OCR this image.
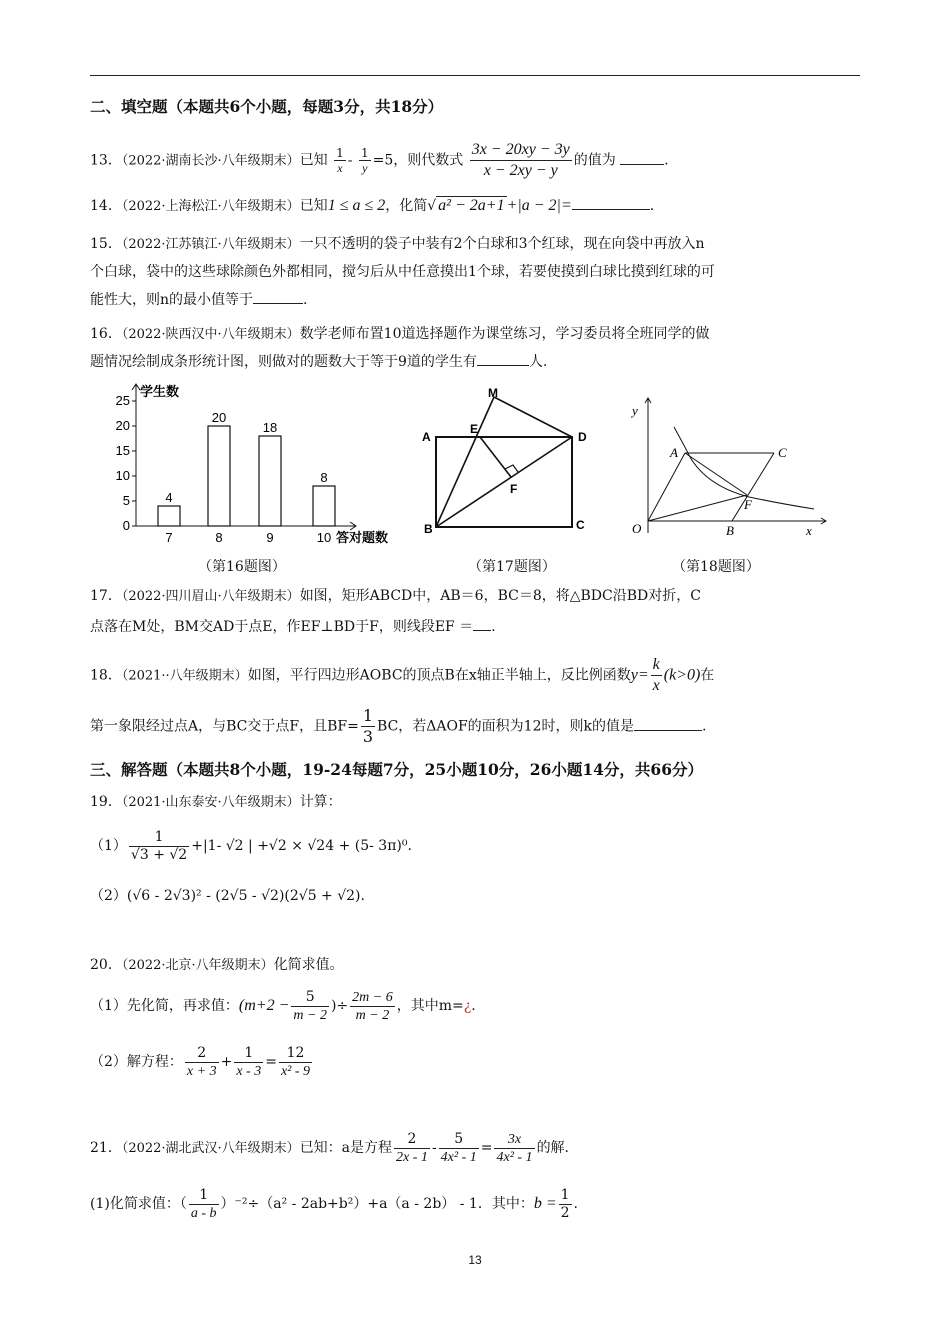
二、填空题（本题共6个小题，每题3分，共18分）
13．（2022·湖南长沙·八年级期末）已知 $\frac{1}{x} - \frac{1}{y} =5$，则代数式 $\frac{3x - 20xy - 3y}{x - 2xy - y}$ 的值为	.
14．（2022·上海松江·八年级期末）已知1 ≤ a ≤ 2，化简√ a² − 2a+1 +|a − 2|=	.
15．（2022·江苏镇江·八年级期末）一只不透明的袋子中装有2个白球和3个红球，现在向袋中再放入n
个白球，袋中的这些球除颜色外都相同，搅匀后从中任意摸出1个球，若要使摸到白球比摸到红球的可
能性大，则n的最小值等于	.
16．（2022·陕西汉中·八年级期末）数学老师布置10道选择题作为课堂练习，学习委员将全班同学的做
题情况绘制成条形统计图，则做对的题数大于等于9道的学生有	人.
学生数
答对题数
0
5
10
15
20
25
4
7
20
8
18
9
8
10
M
A
E
D
F
B	C
y
A	C
F
O	B	x
（第16题图）	（第17题图）	（第18题图）
17．（2022·四川眉山·八年级期末）如图，矩形ABCD中，AB＝6，BC＝8，将△BDC沿BD对折，C
点落在M处，BM交AD于点E，作EF⊥BD于F，则线段EF ＝ .
18．（2021··八年级期末）如图，平行四边形AOBC的顶点B在x轴正半轴上，反比例函数$y= \frac{k}{x} (k>0)$在
第一象限经过点A，与BC交于点F，且$BF= \frac{1}{3}$ BC，若ΔAOF的面积为12时，则k的值是	.
三、解答题（本题共8个小题，19-24每题7分，25小题10分，26小题14分，共66分）
19．（2021·山东泰安·八年级期末）计算：
$(1) \frac{1}{√3 + √2} +|1-$ √2 | +√2 × √24 + (5- 3π)⁰.
（2）(√6 - 2√3)² - (2√5 - √2)(2√5 + √2).
20．（2022·北京·八年级期末）化简求值。
（1）先化简，再求值：($m+2 - \frac{5}{m - 2}$ )÷ $\frac{2m - 6}{m - 2}$ ，其中m=¿.
（2）解方程： $\frac{2}{x + 3} + \frac{1}{x - 3} = \frac{12}{\text{x² - 9}}$
21．（2022·湖北武汉·八年级期末）已知：a是方程 $\frac{2}{2x - 1} - \frac{5}{\text{4x² - 1}} = \frac{3x}{\text{4x² - 1}}$ 的解.
(1)化简求值：（ $\frac{1}{a - b} )^{-2}\div(a^2 - 2ab+b^2)+a(a - 2b) - 1$．其中：$b = \frac{1}{2}$ .
13
